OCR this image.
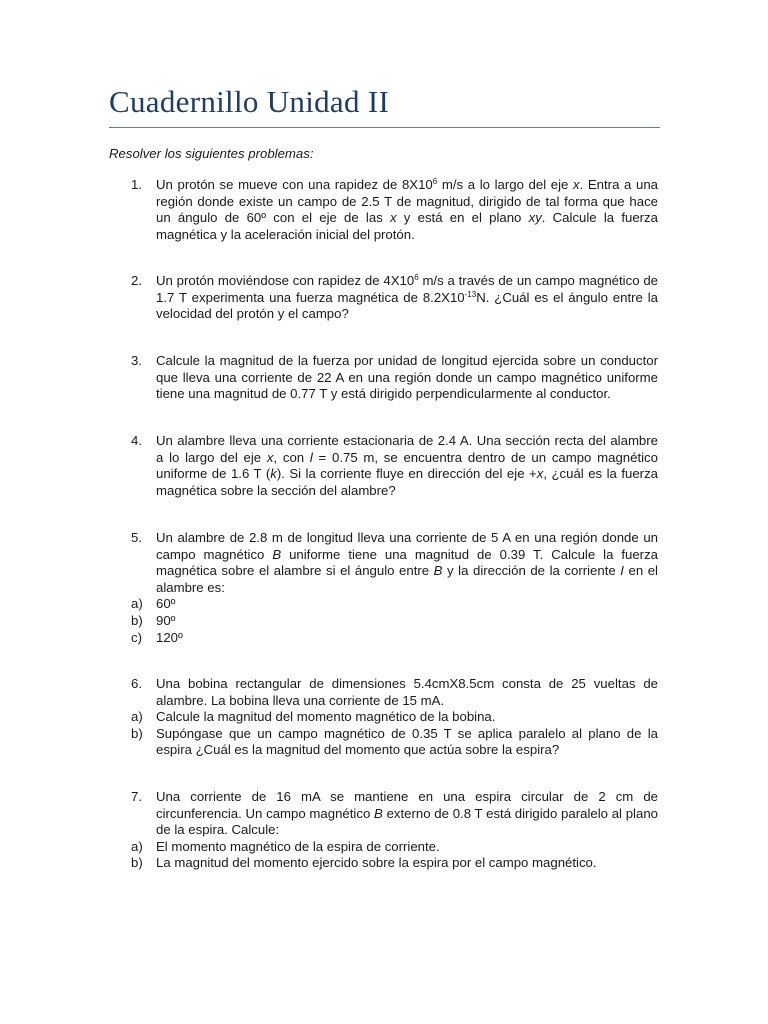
Cuadernillo Unidad II
Resolver los siguientes problemas:
1. Un protón se mueve con una rapidez de $8X10^6$ m/s a lo largo del eje x. Entra a una región donde existe un campo de 2.5 T de magnitud, dirigido de tal forma que hace un ángulo de 60º con el eje de las x y está en el plano xy. Calcule la fuerza magnética y la aceleración inicial del protón.
2. Un protón moviéndose con rapidez de $4X10^6$ m/s a través de un campo magnético de 1.7 T experimenta una fuerza magnética de $8.2X10^{-13}N$. ¿Cuál es el ángulo entre la velocidad del protón y el campo?
3. Calcule la magnitud de la fuerza por unidad de longitud ejercida sobre un conductor que lleva una corriente de 22 A en una región donde un campo magnético uniforme tiene una magnitud de 0.77 T y está dirigido perpendicularmente al conductor.
4. Un alambre lleva una corriente estacionaria de 2.4 A. Una sección recta del alambre a lo largo del eje x, con l = 0.75 m, se encuentra dentro de un campo magnético uniforme de 1.6 T (k). Si la corriente fluye en dirección del eje +x, ¿cuál es la fuerza magnética sobre la sección del alambre?
5. Un alambre de 2.8 m de longitud lleva una corriente de 5 A en una región donde un campo magnético B uniforme tiene una magnitud de 0.39 T. Calcule la fuerza magnética sobre el alambre si el ángulo entre B y la dirección de la corriente I en el alambre es:
a) 60º
b) 90º
c) 120º
6. Una bobina rectangular de dimensiones 5.4cmX8.5cm consta de 25 vueltas de alambre. La bobina lleva una corriente de 15 mA.
a) Calcule la magnitud del momento magnético de la bobina.
b) Supóngase que un campo magnético de 0.35 T se aplica paralelo al plano de la espira ¿Cuál es la magnitud del momento que actúa sobre la espira?
7. Una corriente de 16 mA se mantiene en una espira circular de 2 cm de circunferencia. Un campo magnético B externo de 0.8 T está dirigido paralelo al plano de la espira. Calcule:
a) El momento magnético de la espira de corriente.
b) La magnitud del momento ejercido sobre la espira por el campo magnético.
